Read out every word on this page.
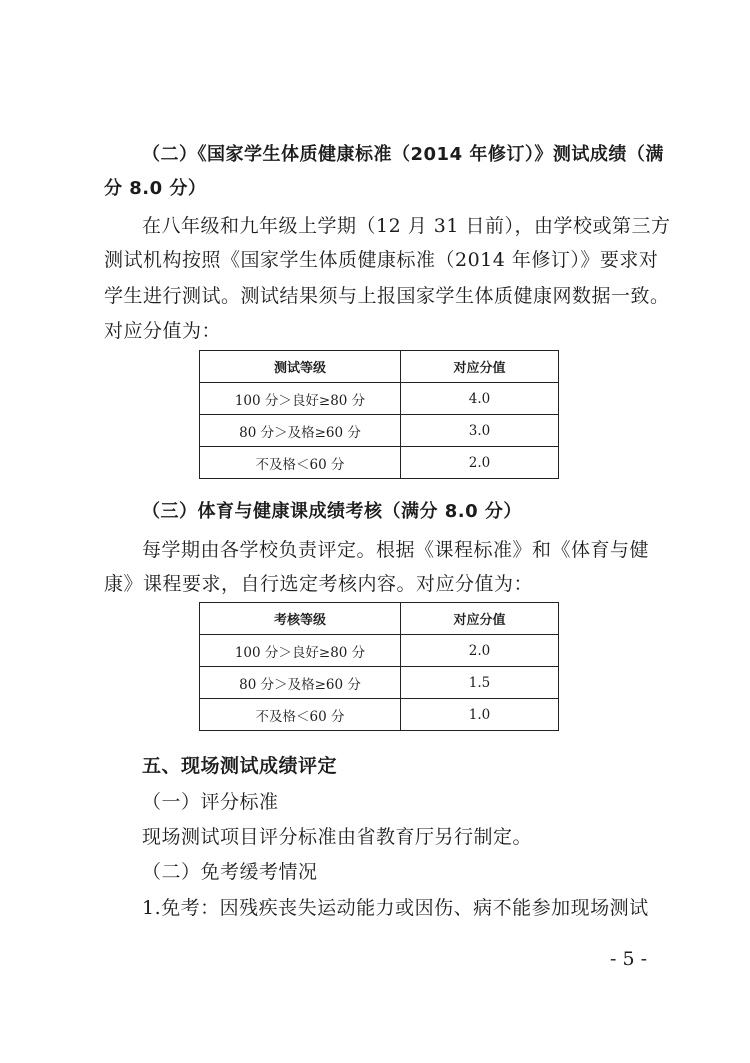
（二）《国家学生体质健康标准（2014 年修订）》测试成绩（满
分 8.0 分）
在八年级和九年级上学期（12 月 31 日前），由学校或第三方
测试机构按照《国家学生体质健康标准（2014 年修订）》要求对
学生进行测试。测试结果须与上报国家学生体质健康网数据一致。
对应分值为：
测试等级	对应分值
100 分＞良好≥80 分	4.0
80 分＞及格≥60 分	3.0
不及格＜60 分	2.0
（三）体育与健康课成绩考核（满分 8.0 分）
每学期由各学校负责评定。根据《课程标准》和《体育与健
康》课程要求，自行选定考核内容。对应分值为：
考核等级	对应分值
100 分＞良好≥80 分	2.0
80 分＞及格≥60 分	1.5
不及格＜60 分	1.0
五、现场测试成绩评定
（一）评分标准
现场测试项目评分标准由省教育厅另行制定。
（二）免考缓考情况
1.免考：因残疾丧失运动能力或因伤、病不能参加现场测试
- 5 -
